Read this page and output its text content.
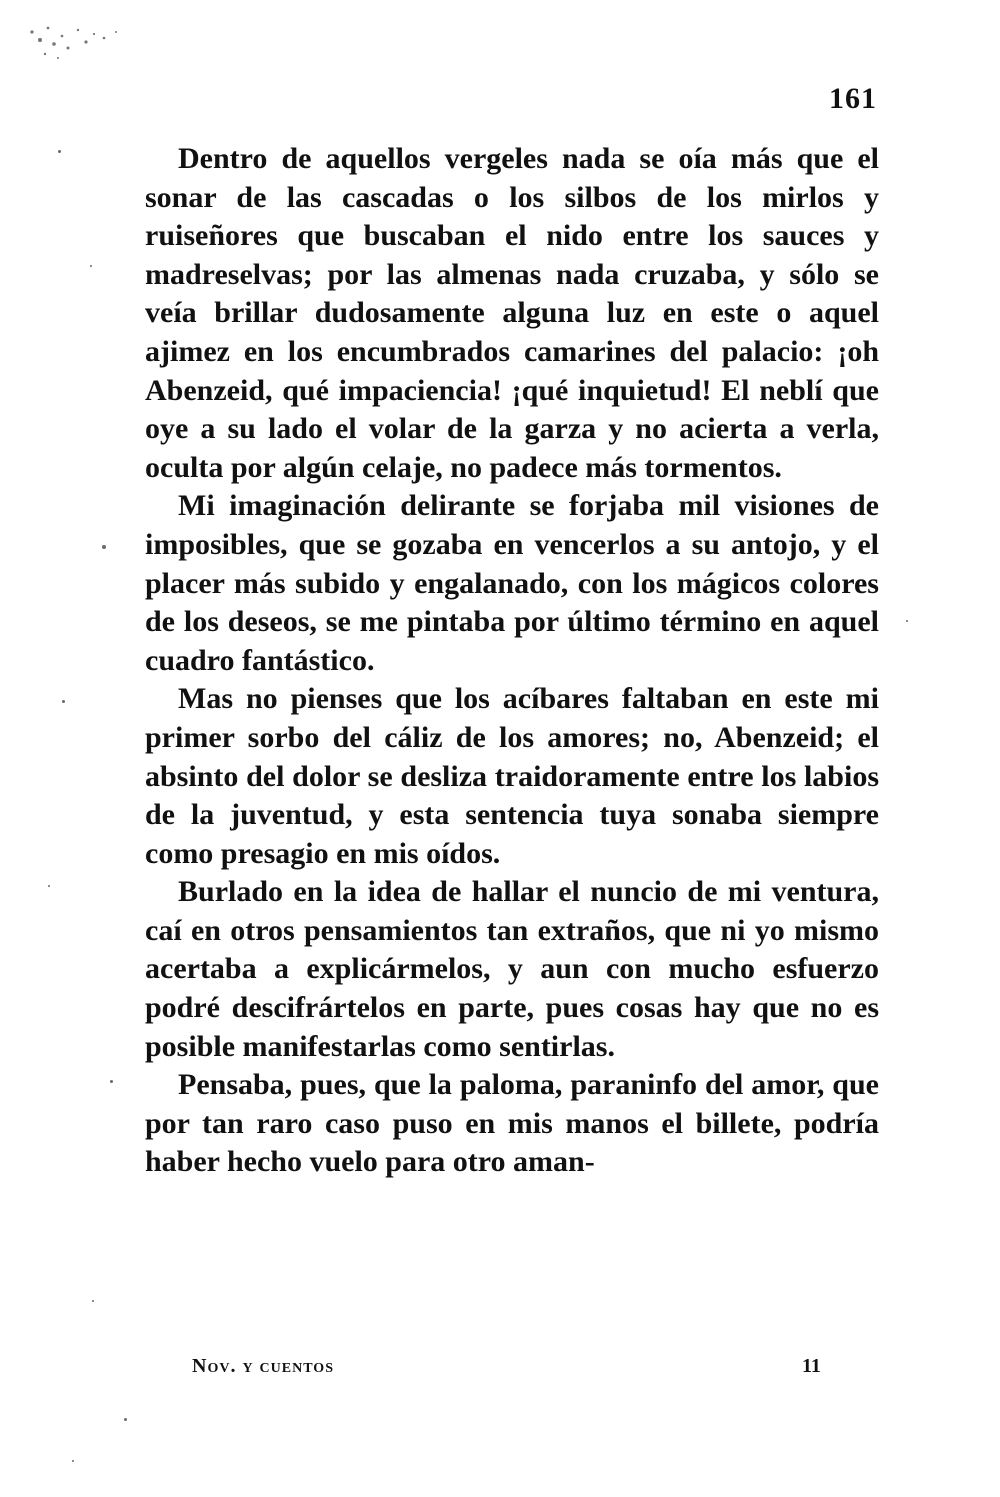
161

Dentro de aquellos vergeles nada se oía más que el sonar de las cascadas o los silbos de los mirlos y ruiseñores que buscaban el nido entre los sauces y madreselvas; por las almenas nada cruzaba, y sólo se veía brillar dudosamente alguna luz en este o aquel ajimez en los encumbrados camarines del palacio: ¡oh Abenzeid, qué impaciencia! ¡qué inquietud! El neblí que oye a su lado el volar de la garza y no acierta a verla, oculta por algún celaje, no padece más tormentos.

Mi imaginación delirante se forjaba mil visiones de imposibles, que se gozaba en vencerlos a su antojo, y el placer más subido y engalanado, con los mágicos colores de los deseos, se me pintaba por último término en aquel cuadro fantástico.

Mas no pienses que los acíbares faltaban en este mi primer sorbo del cáliz de los amores; no, Abenzeid; el absinto del dolor se desliza traidoramente entre los labios de la juventud, y esta sentencia tuya sonaba siempre como presagio en mis oídos.

Burlado en la idea de hallar el nuncio de mi ventura, caí en otros pensamientos tan extraños, que ni yo mismo acertaba a explicármelos, y aun con mucho esfuerzo podré descifrártelos en parte, pues cosas hay que no es posible manifestarlas como sentirlas.

Pensaba, pues, que la paloma, paraninfo del amor, que por tan raro caso puso en mis manos el billete, podría haber hecho vuelo para otro aman-

Nov. y cuentos	11
